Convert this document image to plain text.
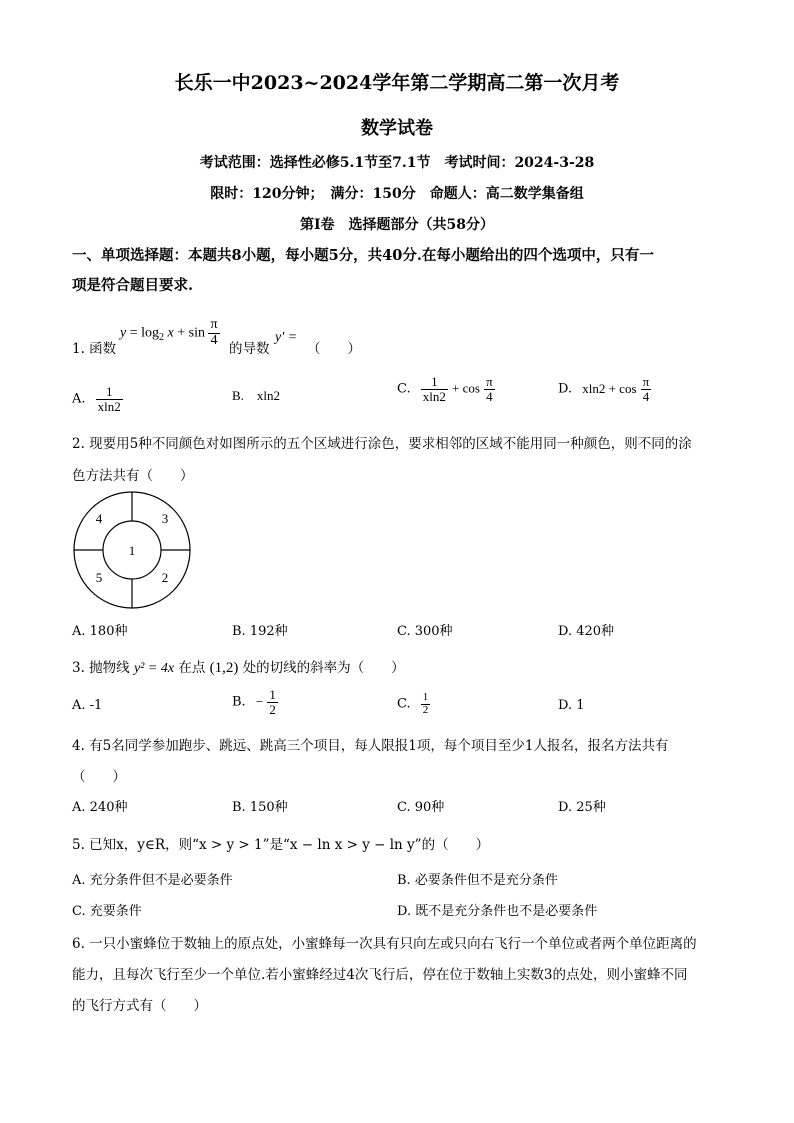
长乐一中2023~2024学年第二学期高二第一次月考
数学试卷
考试范围：选择性必修5.1节至7.1节　考试时间：2024-3-28
限时：120分钟；　满分：150分　命题人：高二数学集备组
第Ⅰ卷　选择题部分（共58分）
一、单项选择题：本题共8小题，每小题5分，共40分.在每小题给出的四个选项中，只有一
项是符合题目要求.
1. 函数
$y = \log_2 x + \sin \frac{\pi}{4}$
的导数
y′ =
（　　）
A. $\frac{1}{xln2}$	B.　xln2	C. $\frac{1}{xln2} + \cos \frac{\pi}{4}$	D. $xln2 + \cos \frac{\pi}{4}$
2. 现要用5种不同颜色对如图所示的五个区域进行涂色，要求相邻的区域不能用同一种颜色，则不同的涂
色方法共有（　　）
1
2
3
4
5
A. 180种	B. 192种	C. 300种	D. 420种
3. 抛物线 y² = 4x 在点 (1,2) 处的切线的斜率为（　　）
A. -1	B. − $\frac{1}{2}$	C. $\frac{1}{2}$	D. 1
4. 有5名同学参加跑步、跳远、跳高三个项目，每人限报1项，每个项目至少1人报名，报名方法共有
（　　）
A. 240种	B. 150种	C. 90种	D. 25种
5. 已知x，y∈R，则“x > y > 1”是“x − ln x > y − ln y”的（　　）
A. 充分条件但不是必要条件	B. 必要条件但不是充分条件
C. 充要条件	D. 既不是充分条件也不是必要条件
6. 一只小蜜蜂位于数轴上的原点处，小蜜蜂每一次具有只向左或只向右飞行一个单位或者两个单位距离的
能力，且每次飞行至少一个单位.若小蜜蜂经过4次飞行后，停在位于数轴上实数3的点处，则小蜜蜂不同
的飞行方式有（　　）
